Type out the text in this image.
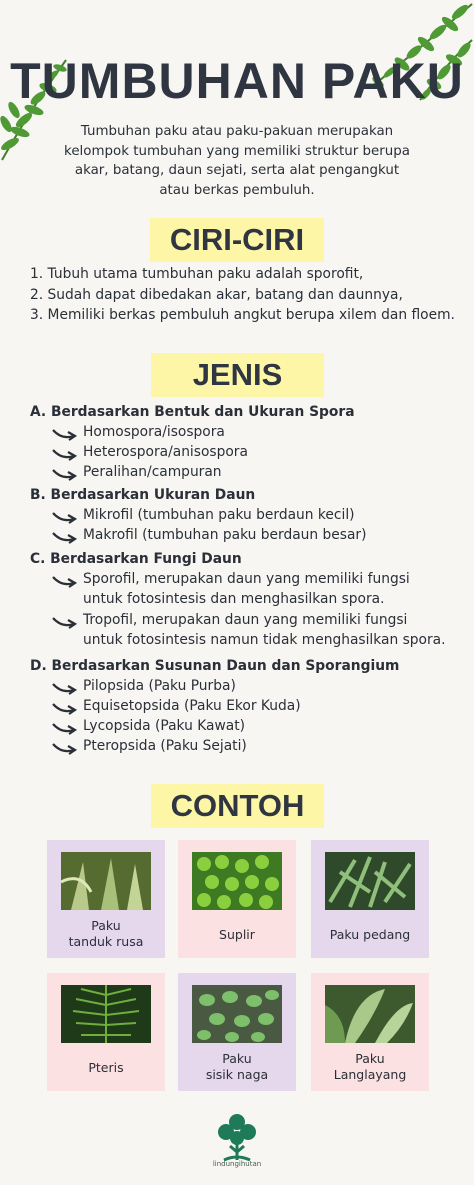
TUMBUHAN PAKU

Tumbuhan paku atau paku-pakuan merupakan kelompok tumbuhan yang memiliki struktur berupa akar, batang, daun sejati, serta alat pengangkut atau berkas pembuluh.

CIRI-CIRI
1. Tubuh utama tumbuhan paku adalah sporofit,
2. Sudah dapat dibedakan akar, batang dan daunnya,
3. Memiliki berkas pembuluh angkut berupa xilem dan floem.
JENIS
A. Berdasarkan Bentuk dan Ukuran Spora
Homospora/isospora
Heterospora/anisospora
Peralihan/campuran
B. Berdasarkan Ukuran Daun
Mikrofil (tumbuhan paku berdaun kecil)
Makrofil (tumbuhan paku berdaun besar)
C. Berdasarkan Fungi Daun
Sporofil, merupakan daun yang memiliki fungsi
untuk fotosintesis dan menghasilkan spora.
Tropofil, merupakan daun yang memiliki fungsi
untuk fotosintesis namun tidak menghasilkan spora.
D. Berdasarkan Susunan Daun dan Sporangium
Pilopsida (Paku Purba)
Equisetopsida (Paku Ekor Kuda)
Lycopsida (Paku Kawat)
Pteropsida (Paku Sejati)
CONTOH
Paku
tanduk rusa	Suplir	Paku pedang
Pteris
Paku
sisik naga
Paku
Langlayang
lindungihutan
